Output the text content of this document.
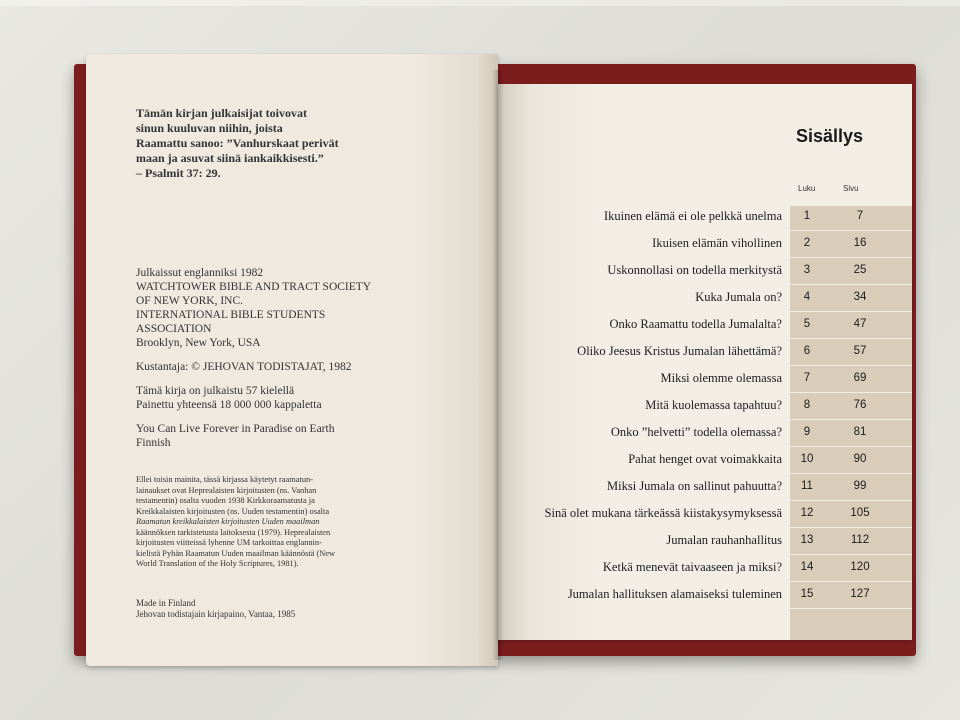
Tämän kirjan julkaisijat toivovat
sinun kuuluvan niihin, joista
Raamattu sanoo: ”Vanhurskaat perivät
maan ja asuvat siinä iankaikkisesti.”
– Psalmit 37: 29.
Julkaissut englanniksi 1982
WATCHTOWER BIBLE AND TRACT SOCIETY
OF NEW YORK, INC.
INTERNATIONAL BIBLE STUDENTS
ASSOCIATION
Brooklyn, New York, USA
Kustantaja: © JEHOVAN TODISTAJAT, 1982
Tämä kirja on julkaistu 57 kielellä
Painettu yhteensä 18 000 000 kappaletta
You Can Live Forever in Paradise on Earth
Finnish
Ellei toisin mainita, tässä kirjassa käytetyt raamatun-
lainaukset ovat Heprealaisten kirjoitusten (ns. Vanhan
testamentin) osalta vuoden 1938 Kirkkoraamatusta ja
Kreikkalaisten kirjoitusten (ns. Uuden testamentin) osalta
Raamatun kreikkalaisten kirjoitusten Uuden maailman
käännöksen tarkistetusta laitoksesta (1979). Heprealaisten
kirjoitusten viitteissä lyhenne UM tarkoittaa englannin-
kielistä Pyhän Raamatun Uuden maailman käännöstä (New
World Translation of the Holy Scriptures, 1981).
Made in Finland
Jehovan todistajain kirjapaino, Vantaa, 1985
Sisällys
Luku	Sivu
Ikuinen elämä ei ole pelkkä unelma	1	7
Ikuisen elämän vihollinen	2	16
Uskonnollasi on todella merkitystä	3	25
Kuka Jumala on?	4	34
Onko Raamattu todella Jumalalta?	5	47
Oliko Jeesus Kristus Jumalan lähettämä?	6	57
Miksi olemme olemassa	7	69
Mitä kuolemassa tapahtuu?	8	76
Onko ”helvetti” todella olemassa?	9	81
Pahat henget ovat voimakkaita	10	90
Miksi Jumala on sallinut pahuutta?	11	99
Sinä olet mukana tärkeässä kiistakysymyksessä	12	105
Jumalan rauhanhallitus	13	112
Ketkä menevät taivaaseen ja miksi?	14	120
Jumalan hallituksen alamaiseksi tuleminen	15	127
